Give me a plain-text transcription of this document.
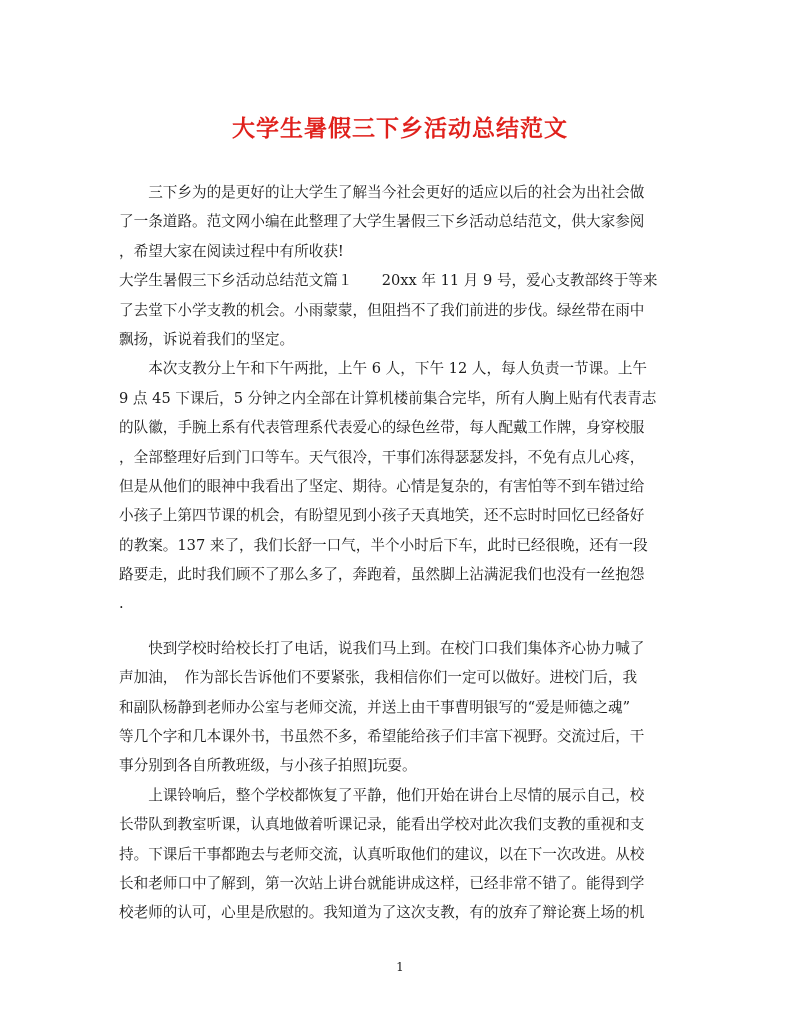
大学生暑假三下乡活动总结范文
　　三下乡为的是更好的让大学生了解当今社会更好的适应以后的社会为出社会做
了一条道路。范文网小编在此整理了大学生暑假三下乡活动总结范文，供大家参阅
，希望大家在阅读过程中有所收获!
大学生暑假三下乡活动总结范文篇１　　20xx 年 11 月 9 号，爱心支教部终于等来
了去堂下小学支教的机会。小雨蒙蒙，但阻挡不了我们前进的步伐。绿丝带在雨中
飘扬，诉说着我们的坚定。
　　本次支教分上午和下午两批，上午 6 人，下午 12 人，每人负责一节课。上午
9 点 45 下课后，5 分钟之内全部在计算机楼前集合完毕，所有人胸上贴有代表青志
的队徽，手腕上系有代表管理系代表爱心的绿色丝带，每人配戴工作牌，身穿校服
，全部整理好后到门口等车。天气很冷，干事们冻得瑟瑟发抖，不免有点儿心疼，
但是从他们的眼神中我看出了坚定、期待。心情是复杂的，有害怕等不到车错过给
小孩子上第四节课的机会，有盼望见到小孩子天真地笑，还不忘时时回忆已经备好
的教案。137 来了，我们长舒一口气，半个小时后下车，此时已经很晚，还有一段
路要走，此时我们顾不了那么多了，奔跑着，虽然脚上沾满泥我们也没有一丝抱怨
.
　　快到学校时给校长打了电话，说我们马上到。在校门口我们集体齐心协力喊了
声加油，　作为部长告诉他们不要紧张，我相信你们一定可以做好。进校门后，我
和副队杨静到老师办公室与老师交流，并送上由干事曹明银写的“爱是师德之魂”
等几个字和几本课外书，书虽然不多，希望能给孩子们丰富下视野。交流过后，干
事分别到各自所教班级，与小孩子拍照]玩耍。
　　上课铃响后，整个学校都恢复了平静，他们开始在讲台上尽情的展示自己，校
长带队到教室听课，认真地做着听课记录，能看出学校对此次我们支教的重视和支
持。下课后干事都跑去与老师交流，认真听取他们的建议，以在下一次改进。从校
长和老师口中了解到，第一次站上讲台就能讲成这样，已经非常不错了。能得到学
校老师的认可，心里是欣慰的。我知道为了这次支教，有的放弃了辩论赛上场的机
1
